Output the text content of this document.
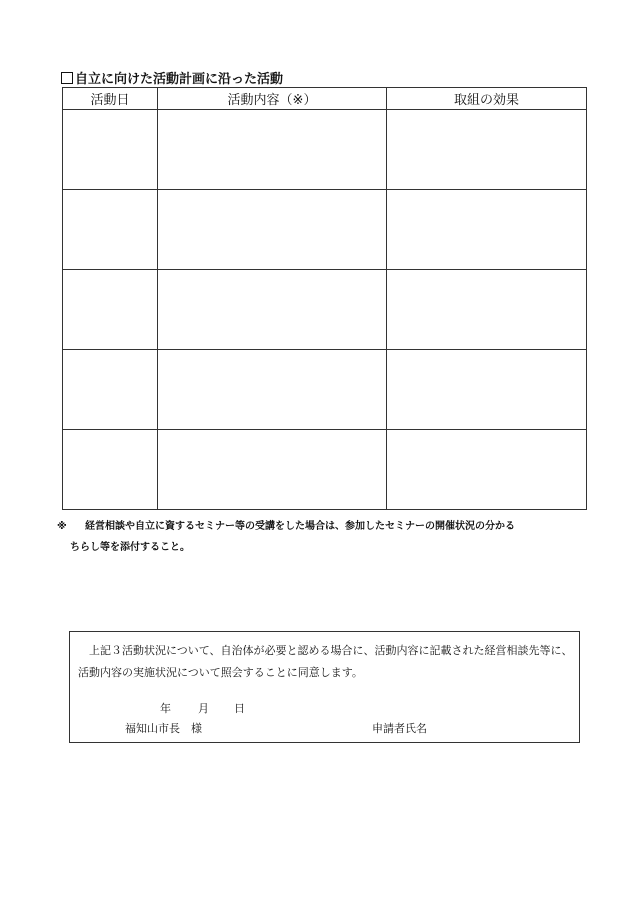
自立に向けた活動計画に沿った活動
活動日	活動内容（※）	取組の効果

※ 経営相談や自立に資するセミナー等の受講をした場合は、参加したセミナーの開催状況の分かる
ちらし等を添付すること。
　上記３活動状況について、自治体が必要と認める場合に、活動内容に記載された経営相談先等に、活動内容の実施状況について照会することに同意します。
年 月 日
福知山市長　様	申請者氏名
